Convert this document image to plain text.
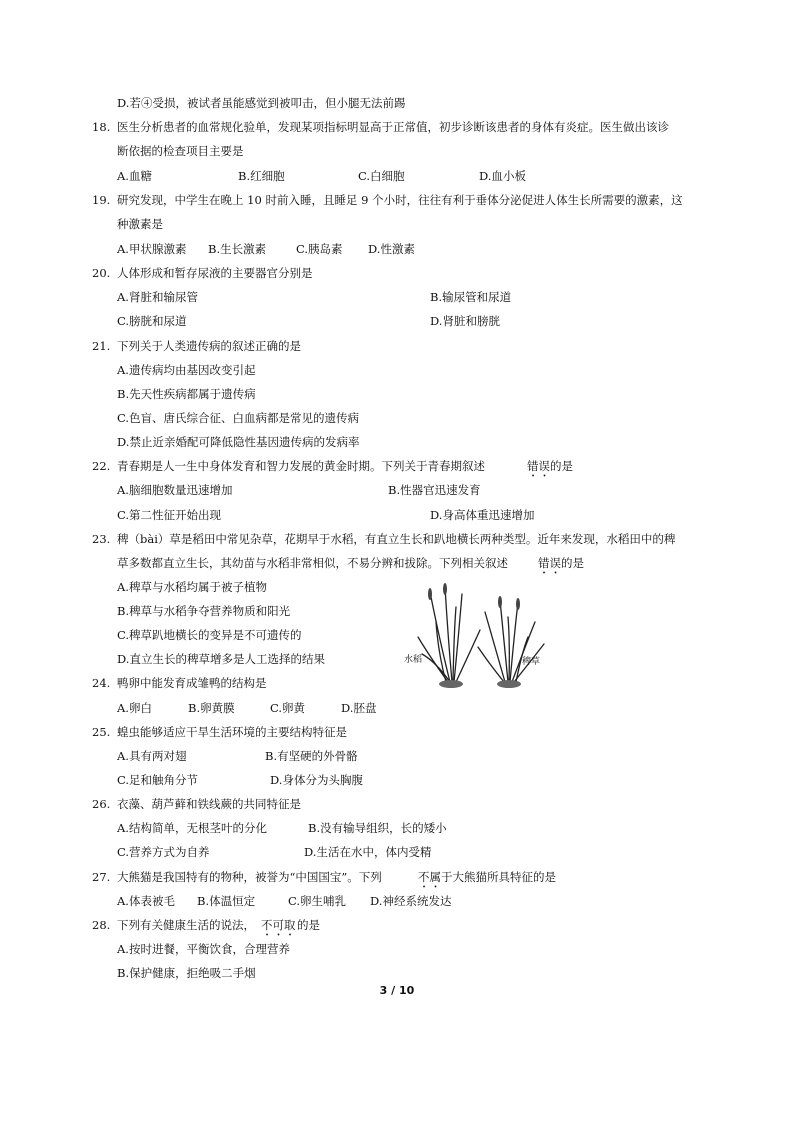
D.若④受损，被试者虽能感觉到被叩击，但小腿无法前踢
18. 医生分析患者的血常规化验单，发现某项指标明显高于正常值，初步诊断该患者的身体有炎症。医生做出该诊
断依据的检查项目主要是
A.血糖	B.红细胞	C.白细胞	D.血小板
19. 研究发现，中学生在晚上 10 时前入睡，且睡足 9 个小时，往往有利于垂体分泌促进人体生长所需要的激素，这
种激素是
A.甲状腺激素 B.生长激素	C.胰岛素 D.性激素
20. 人体形成和暂存尿液的主要器官分别是
A.肾脏和输尿管	B.输尿管和尿道
C.膀胱和尿道	D.肾脏和膀胱
21. 下列关于人类遗传病的叙述正确的是
A.遗传病均由基因改变引起
B.先天性疾病都属于遗传病
C.色盲、唐氏综合征、白血病都是常见的遗传病
D.禁止近亲婚配可降低隐性基因遗传病的发病率
22. 青春期是人一生中身体发育和智力发展的黄金时期。下列关于青春期叙述	错误 的是
A.脑细胞数量迅速增加	B.性器官迅速发育
C.第二性征开始出现	D.身高体重迅速增加
23. 稗（bài）草是稻田中常见杂草，花期早于水稻，有直立生长和趴地横长两种类型。近年来发现，水稻田中的稗
草多数都直立生长，其幼苗与水稻非常相似，不易分辨和拔除。下列相关叙述	错误 的是
A.稗草与水稻均属于被子植物
B.稗草与水稻争夺营养物质和阳光
C.稗草趴地横长的变异是不可遗传的
D.直立生长的稗草增多是人工选择的结果
24. 鸭卵中能发育成雏鸭的结构是
A.卵白	B.卵黄膜	C.卵黄	D.胚盘
25. 蝗虫能够适应干旱生活环境的主要结构特征是
A.具有两对翅	B.有坚硬的外骨骼
C.足和触角分节	D.身体分为头胸腹
26. 衣藻、葫芦藓和铁线蕨的共同特征是
A.结构简单，无根茎叶的分化	B.没有输导组织，长的矮小
C.营养方式为自养	D.生活在水中，体内受精
27. 大熊猫是我国特有的物种，被誉为“中国国宝”。下列	不属 于大熊猫所具特征的是
A.体表被毛 B.体温恒定	C.卵生哺乳 D.神经系统发达
28. 下列有关健康生活的说法， 不可取 的是
A.按时进餐，平衡饮食，合理营养
B.保护健康，拒绝吸二手烟
水稻	稗草
3 / 10
